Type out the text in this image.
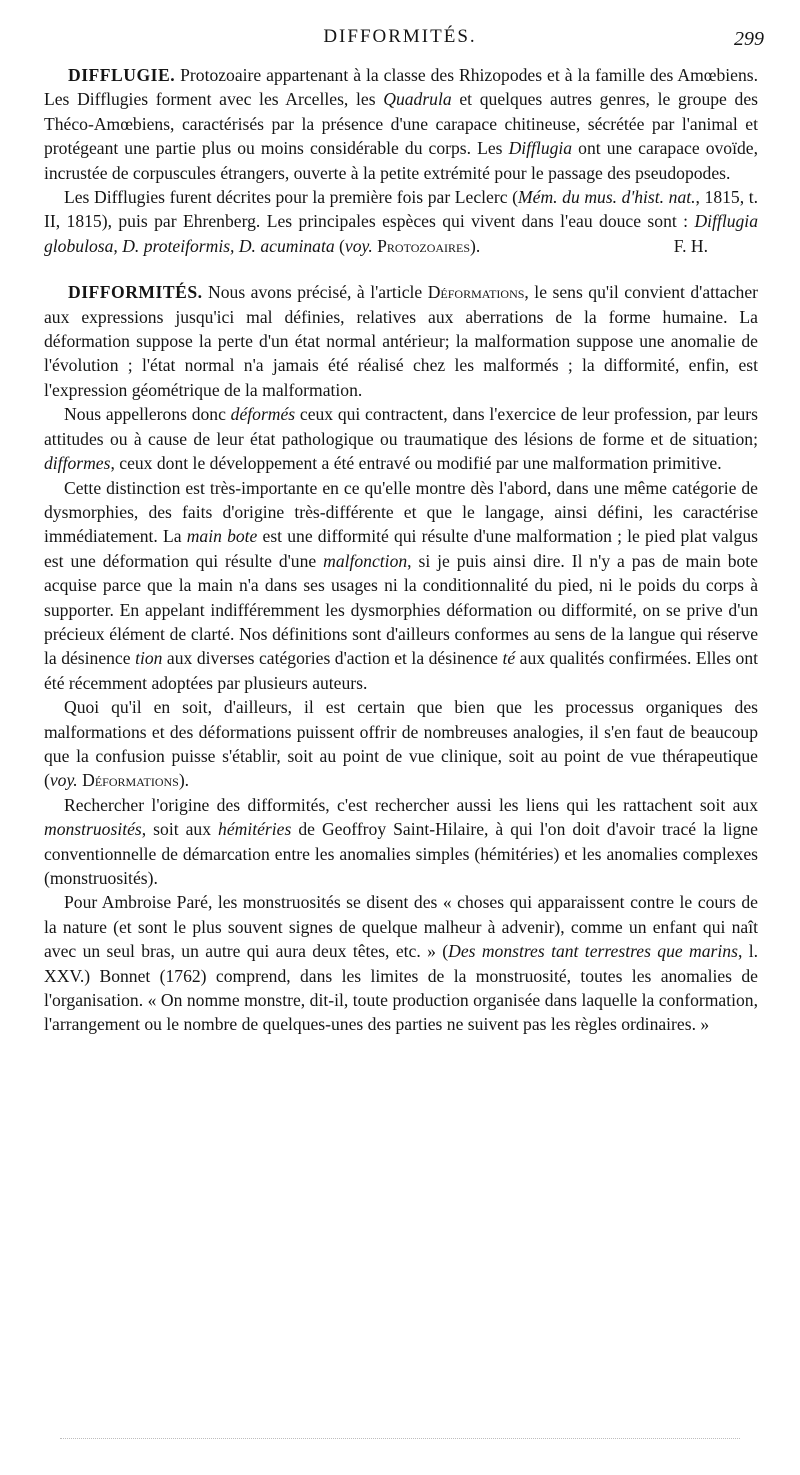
DIFFORMITÉS.	299

DIFFLUGIE. Protozoaire appartenant à la classe des Rhizopodes et à la famille des Amœbiens. Les Difflugies forment avec les Arcelles, les Quadrula et quelques autres genres, le groupe des Théco-Amœbiens, caractérisés par la présence d'une carapace chitineuse, sécrétée par l'animal et protégeant une partie plus ou moins considérable du corps. Les Difflugia ont une carapace ovoïde, incrustée de corpuscules étrangers, ouverte à la petite extrémité pour le passage des pseudopodes.

Les Difflugies furent décrites pour la première fois par Leclerc (Mém. du mus. d'hist. nat., 1815, t. II, 1815), puis par Ehrenberg. Les principales espèces qui vivent dans l'eau douce sont : Difflugia globulosa, D. proteiformis, D. acuminata (voy. Protozoaires).	F. H.

DIFFORMITÉS. Nous avons précisé, à l'article Déformations, le sens qu'il convient d'attacher aux expressions jusqu'ici mal définies, relatives aux aberrations de la forme humaine. La déformation suppose la perte d'un état normal antérieur; la malformation suppose une anomalie de l'évolution ; l'état normal n'a jamais été réalisé chez les malformés ; la difformité, enfin, est l'expression géométrique de la malformation.

Nous appellerons donc déformés ceux qui contractent, dans l'exercice de leur profession, par leurs attitudes ou à cause de leur état pathologique ou traumatique des lésions de forme et de situation; difformes, ceux dont le développement a été entravé ou modifié par une malformation primitive.

Cette distinction est très-importante en ce qu'elle montre dès l'abord, dans une même catégorie de dysmorphies, des faits d'origine très-différente et que le langage, ainsi défini, les caractérise immédiatement. La main bote est une difformité qui résulte d'une malformation ; le pied plat valgus est une déformation qui résulte d'une malfonction, si je puis ainsi dire. Il n'y a pas de main bote acquise parce que la main n'a dans ses usages ni la conditionnalité du pied, ni le poids du corps à supporter. En appelant indifféremment les dysmorphies déformation ou difformité, on se prive d'un précieux élément de clarté. Nos définitions sont d'ailleurs conformes au sens de la langue qui réserve la désinence tion aux diverses catégories d'action et la désinence té aux qualités confirmées. Elles ont été récemment adoptées par plusieurs auteurs.

Quoi qu'il en soit, d'ailleurs, il est certain que bien que les processus organiques des malformations et des déformations puissent offrir de nombreuses analogies, il s'en faut de beaucoup que la confusion puisse s'établir, soit au point de vue clinique, soit au point de vue thérapeutique (voy. Déformations).

Rechercher l'origine des difformités, c'est rechercher aussi les liens qui les rattachent soit aux monstruosités, soit aux hémitéries de Geoffroy Saint-Hilaire, à qui l'on doit d'avoir tracé la ligne conventionnelle de démarcation entre les anomalies simples (hémitéries) et les anomalies complexes (monstruosités).

Pour Ambroise Paré, les monstruosités se disent des « choses qui apparaissent contre le cours de la nature (et sont le plus souvent signes de quelque malheur à advenir), comme un enfant qui naît avec un seul bras, un autre qui aura deux têtes, etc. » (Des monstres tant terrestres que marins, l. XXV.) Bonnet (1762) comprend, dans les limites de la monstruosité, toutes les anomalies de l'organisation. « On nomme monstre, dit-il, toute production organisée dans laquelle la conformation, l'arrangement ou le nombre de quelques-unes des parties ne suivent pas les règles ordinaires. »
